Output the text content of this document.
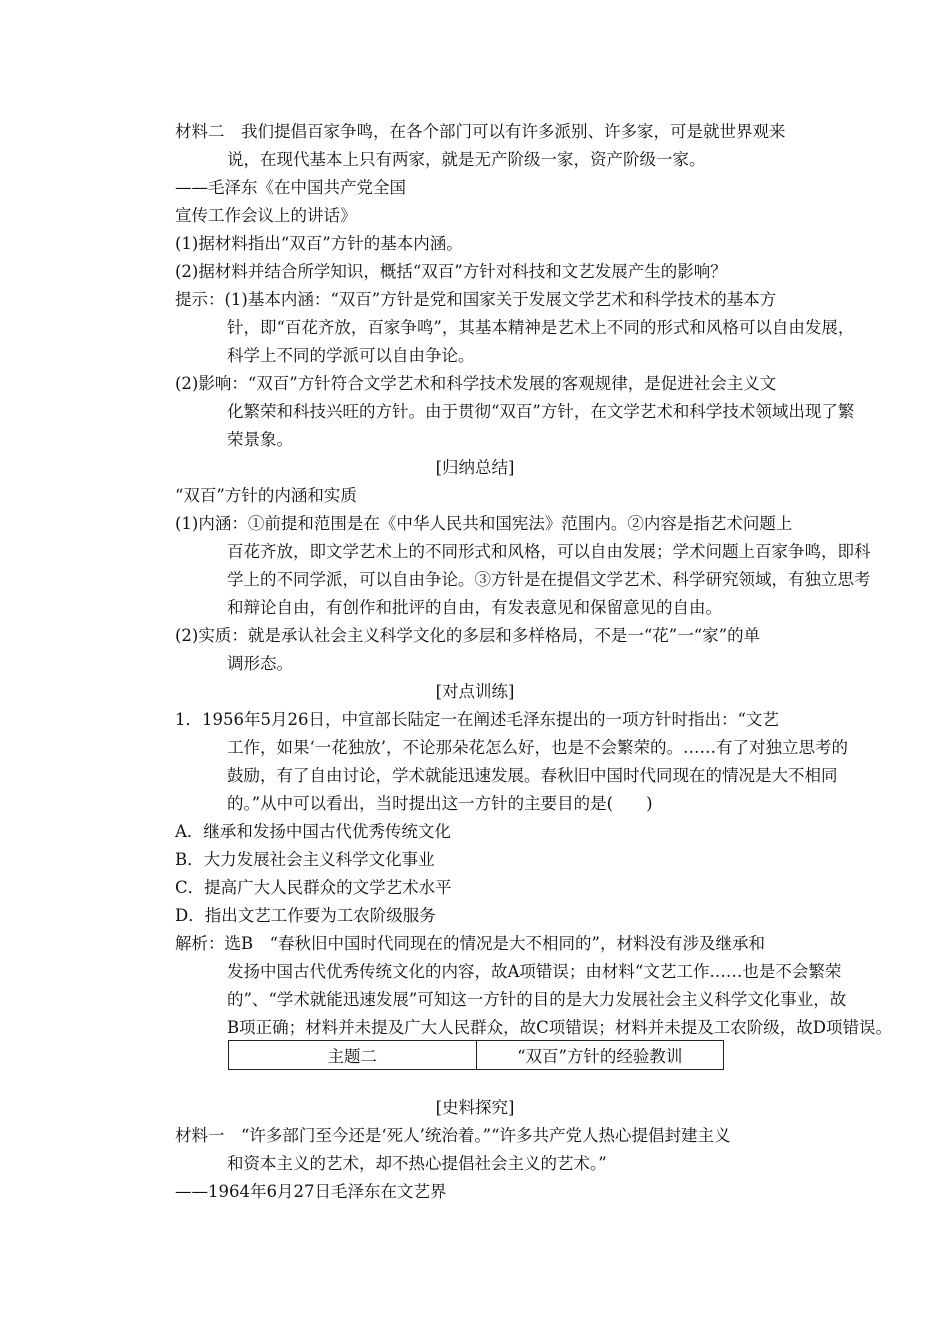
材料二　我们提倡百家争鸣，在各个部门可以有许多派别、许多家，可是就世界观来
说，在现代基本上只有两家，就是无产阶级一家，资产阶级一家。
——毛泽东《在中国共产党全国
宣传工作会议上的讲话》
(1)据材料指出“双百”方针的基本内涵。
(2)据材料并结合所学知识，概括“双百”方针对科技和文艺发展产生的影响？
提示：(1)基本内涵：“双百”方针是党和国家关于发展文学艺术和科学技术的基本方
针，即“百花齐放，百家争鸣”，其基本精神是艺术上不同的形式和风格可以自由发展，
科学上不同的学派可以自由争论。
(2)影响：“双百”方针符合文学艺术和科学技术发展的客观规律，是促进社会主义文
化繁荣和科技兴旺的方针。由于贯彻“双百”方针，在文学艺术和科学技术领域出现了繁
荣景象。
[归纳总结]
“双百”方针的内涵和实质
(1)内涵：①前提和范围是在《中华人民共和国宪法》范围内。②内容是指艺术问题上
百花齐放，即文学艺术上的不同形式和风格，可以自由发展；学术问题上百家争鸣，即科
学上的不同学派，可以自由争论。③方针是在提倡文学艺术、科学研究领域，有独立思考
和辩论自由，有创作和批评的自由，有发表意见和保留意见的自由。
(2)实质：就是承认社会主义科学文化的多层和多样格局，不是一“花”一“家”的单
调形态。
[对点训练]
1．1956年5月26日，中宣部长陆定一在阐述毛泽东提出的一项方针时指出：“文艺
工作，如果‘一花独放’，不论那朵花怎么好，也是不会繁荣的。……有了对独立思考的
鼓励，有了自由讨论，学术就能迅速发展。春秋旧中国时代同现在的情况是大不相同
的。”从中可以看出，当时提出这一方针的主要目的是(　　)
A．继承和发扬中国古代优秀传统文化
B．大力发展社会主义科学文化事业
C．提高广大人民群众的文学艺术水平
D．指出文艺工作要为工农阶级服务
解析：选B　“春秋旧中国时代同现在的情况是大不相同的”，材料没有涉及继承和
发扬中国古代优秀传统文化的内容，故A项错误；由材料“文艺工作……也是不会繁荣
的”、“学术就能迅速发展”可知这一方针的目的是大力发展社会主义科学文化事业，故
B项正确；材料并未提及广大人民群众，故C项错误；材料并未提及工农阶级，故D项错误。
[史料探究]
材料一　“许多部门至今还是‘死人’统治着。”“许多共产党人热心提倡封建主义
和资本主义的艺术，却不热心提倡社会主义的艺术。”
——1964年6月27日毛泽东在文艺界
主题二	“双百”方针的经验教训
